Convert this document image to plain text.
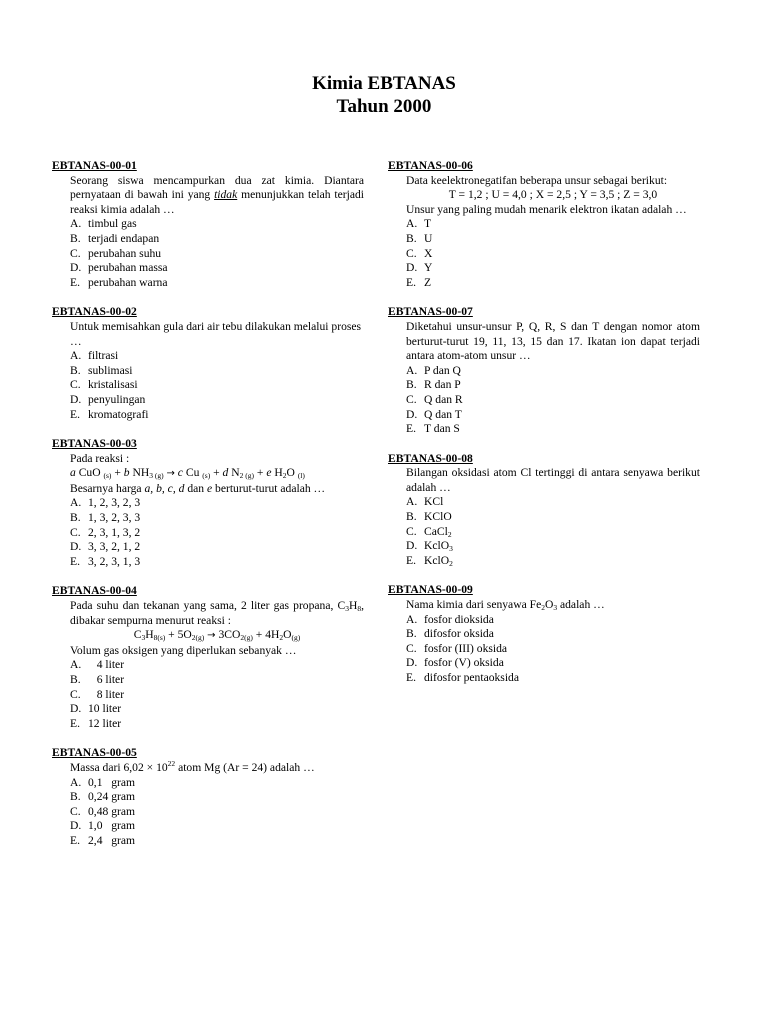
Kimia EBTANAS
Tahun 2000
EBTANAS-00-01
Seorang siswa mencampurkan dua zat kimia. Diantara pernyataan di bawah ini yang tidak menunjukkan telah terjadi reaksi kimia adalah …
A. timbul gas
B. terjadi endapan
C. perubahan suhu
D. perubahan massa
E. perubahan warna
EBTANAS-00-02
Untuk memisahkan gula dari air tebu dilakukan melalui proses …
A. filtrasi
B. sublimasi
C. kristalisasi
D. penyulingan
E. kromatografi
EBTANAS-00-03
Pada reaksi :
a CuO $_{(s)}$ + b $NH_3$ $_{(g)}$ → c Cu $_{(s)}$ + d $N_2$ $_{(g)}$ + e $H_2O$ $_{(l)}$
Besarnya harga a, b, c, d dan e berturut-turut adalah …
A. 1, 2, 3, 2, 3
B. 1, 3, 2, 3, 3
C. 2, 3, 1, 3, 2
D. 3, 3, 2, 1, 2
E. 3, 2, 3, 1, 3
EBTANAS-00-04
Pada suhu dan tekanan yang sama, 2 liter gas propana, $C_3H_8$, dibakar sempurna menurut reaksi :
$C_3H_{8(s)} + 5O_{2(g)} \to 3CO_{2(g)} + 4H_2O_{(g)}$
Volum gas oksigen yang diperlukan sebanyak …
A. 4 liter
B. 6 liter
C. 8 liter
D. 10 liter
E. 12 liter
EBTANAS-00-05
Massa dari $6,02 \times 10^{22}$ atom Mg (Ar = 24) adalah …
A. 0,1   gram
B. 0,24 gram
C. 0,48 gram
D. 1,0   gram
E. 2,4   gram
EBTANAS-00-06
Data keelektronegatifan beberapa unsur sebagai berikut:
T = 1,2 ; U = 4,0 ; X = 2,5 ; Y = 3,5 ; Z = 3,0
Unsur yang paling mudah menarik elektron ikatan adalah …
A. T
B. U
C. X
D. Y
E. Z
EBTANAS-00-07
Diketahui unsur-unsur P, Q, R, S dan T dengan nomor atom berturut-turut 19, 11, 13, 15 dan 17. Ikatan ion dapat terjadi antara atom-atom unsur …
A. P dan Q
B. R dan P
C. Q dan R
D. Q dan T
E. T dan S
EBTANAS-00-08
Bilangan oksidasi atom Cl tertinggi di antara senyawa berikut adalah …
A. KCl
B. KClO
C. CaCl$_2$
D. KclO$_3$
E. KclO$_2$
EBTANAS-00-09
Nama kimia dari senyawa $Fe_2O_3$ adalah …
A. fosfor dioksida
B. difosfor oksida
C. fosfor (III) oksida
D. fosfor (V) oksida
E. difosfor pentaoksida
